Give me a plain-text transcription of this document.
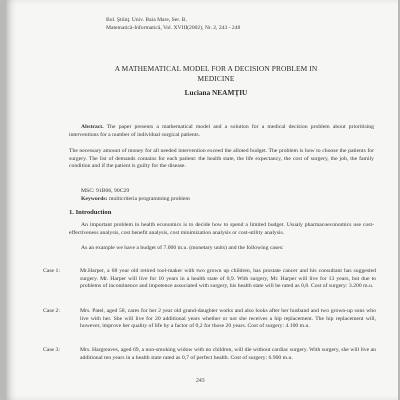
Bul. Ştiinţ. Univ. Baia Mare, Ser. B,
Matematică-Informatică, Vol. XVIII(2002), Nr. 2, 243 - 248
A MATHEMATICAL MODEL FOR A DECISION PROBLEM IN
MEDICINE
Luciana NEAMŢIU
Abstract. The paper presents a mathematical model and a solution for a medical decision problem about prioritising interventions for a number of individual surgical patients.
The necessary amount of money for all needed intervention exceed the alloted budget. The problem is how to choose the patients for surgery. The list of demands contains for each patient: the health state, the life expectancy, the cost of surgery, the job, the family condition and if the patient is guilty for the disease.
MSC: 91B06, 90C29
Keywords: multicriteria programming problem
1. Introduction
An important problem in health economics is to decide how to spend a limited budget. Usualy pharmacoeconomics use cost-effectiveness analysis, cost benefit analysis, cost minimization analysis or cost-utility analysis.
As an example we have a budget of 7.000 m.u. (monetary units) and the following cases:
Case 1:	Mr.Harper, a 68 year old retired tool-maker with two grown up children, has prostate cancer and his consultant has suggested surgery. Mr. Harper will live for 10 years in a health state of 0,9. With surgery, Mr. Harper will live for 13 years, but due to problems of incontinence and impotence associated with surgery, his health state will be rated as 0,8. Cost of surgery: 3.200 m.u.
Case 2:	Mrs. Patel, aged 58, cares for her 2 year old grand-daughter works and also looks after her husband and two grown-up sons who live with her. She will live for 20 additional years whether or not she receives a hip replacement. The hip replacement will, however, improve her quality of life by a factor of 0,2 for those 20 years. Cost of surgery: 4.100 m.u.
Case 3:	Mrs. Hargreaves, aged 69, a non-smoking widow with no children, will die without cardiac surgery. With surgery, she will live an additional ten years in a health state rated as 0,7 of perfect health. Cost of surgery: 6.900 m.u.
243
